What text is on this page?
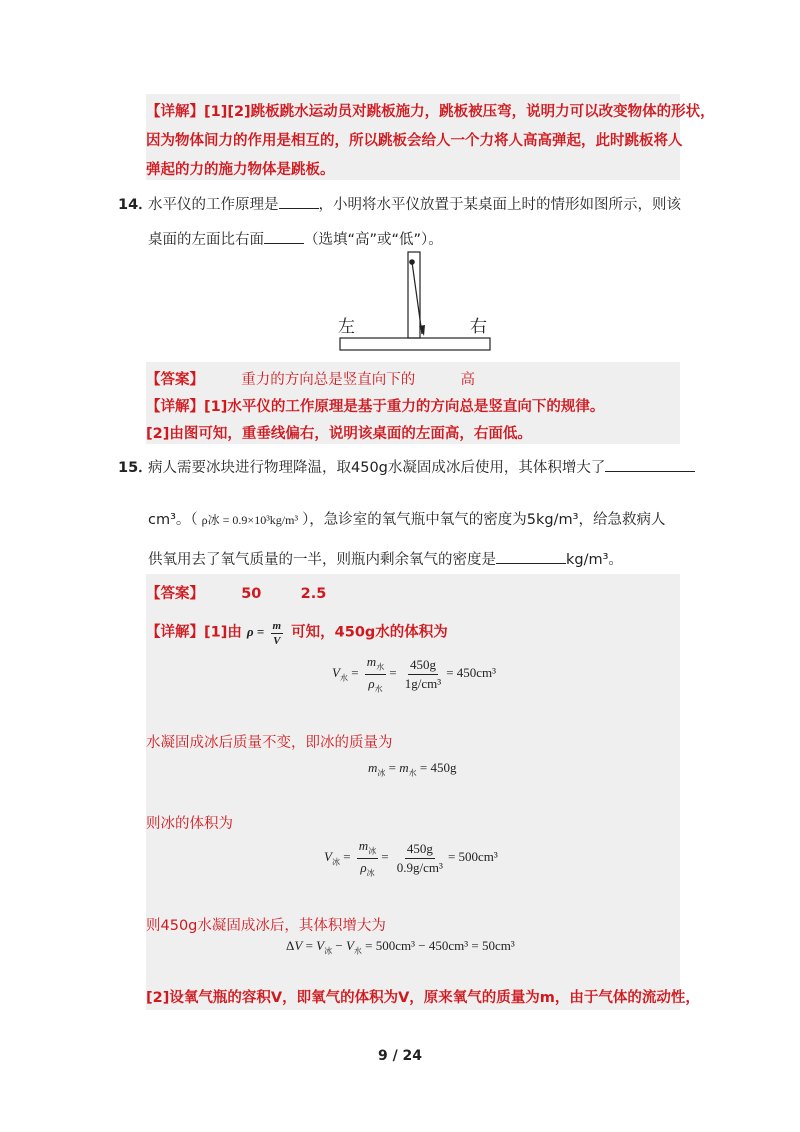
【详解】[1][2]跳板跳水运动员对跳板施力，跳板被压弯，说明力可以改变物体的形状，
因为物体间力的作用是相互的，所以跳板会给人一个力将人高高弹起，此时跳板将人
弹起的力的施力物体是跳板。
14．
水平仪的工作原理是	，小明将水平仪放置于某桌面上时的情形如图所示，则该
桌面的左面比右面	（选填“高”或“低”）。
左	右
【答案】	重力的方向总是竖直向下的	高
【详解】[1]水平仪的工作原理是基于重力的方向总是竖直向下的规律。
[2]由图可知，重垂线偏右，说明该桌面的左面高，右面低。
15．
病人需要冰块进行物理降温，取450g水凝固成冰后使用，其体积增大了
cm³。（ ρ冰 = 0.9×10³kg/m³ ），急诊室的氧气瓶中氧气的密度为5kg/m³，给急救病人
供氧用去了氧气质量的一半，则瓶内剩余氧气的密度是	kg/m³。
【答案】	50	2.5
【详解】[1]由 $\rho = \frac{m}{V}$ 可知，450g水的体积为
$V_水 = \frac{m_水}{\rho_水} = \frac{450g}{\text{1g/cm³}} = 450cm^3$
水凝固成冰后质量不变，即冰的质量为
$m_冰 = m_水 = 450g$
则冰的体积为
$V_冰 = \frac{m_冰}{\rho_冰} = \frac{450g}{\text{0.9g/cm³}} = 500cm^3$
则450g水凝固成冰后，其体积增大为
$\Delta V = V_冰 - V_水 = 500cm^3 - 450cm^3 = 50cm^3$
[2]设氧气瓶的容积V，即氧气的体积为V，原来氧气的质量为m，由于气体的流动性，
9 / 24
